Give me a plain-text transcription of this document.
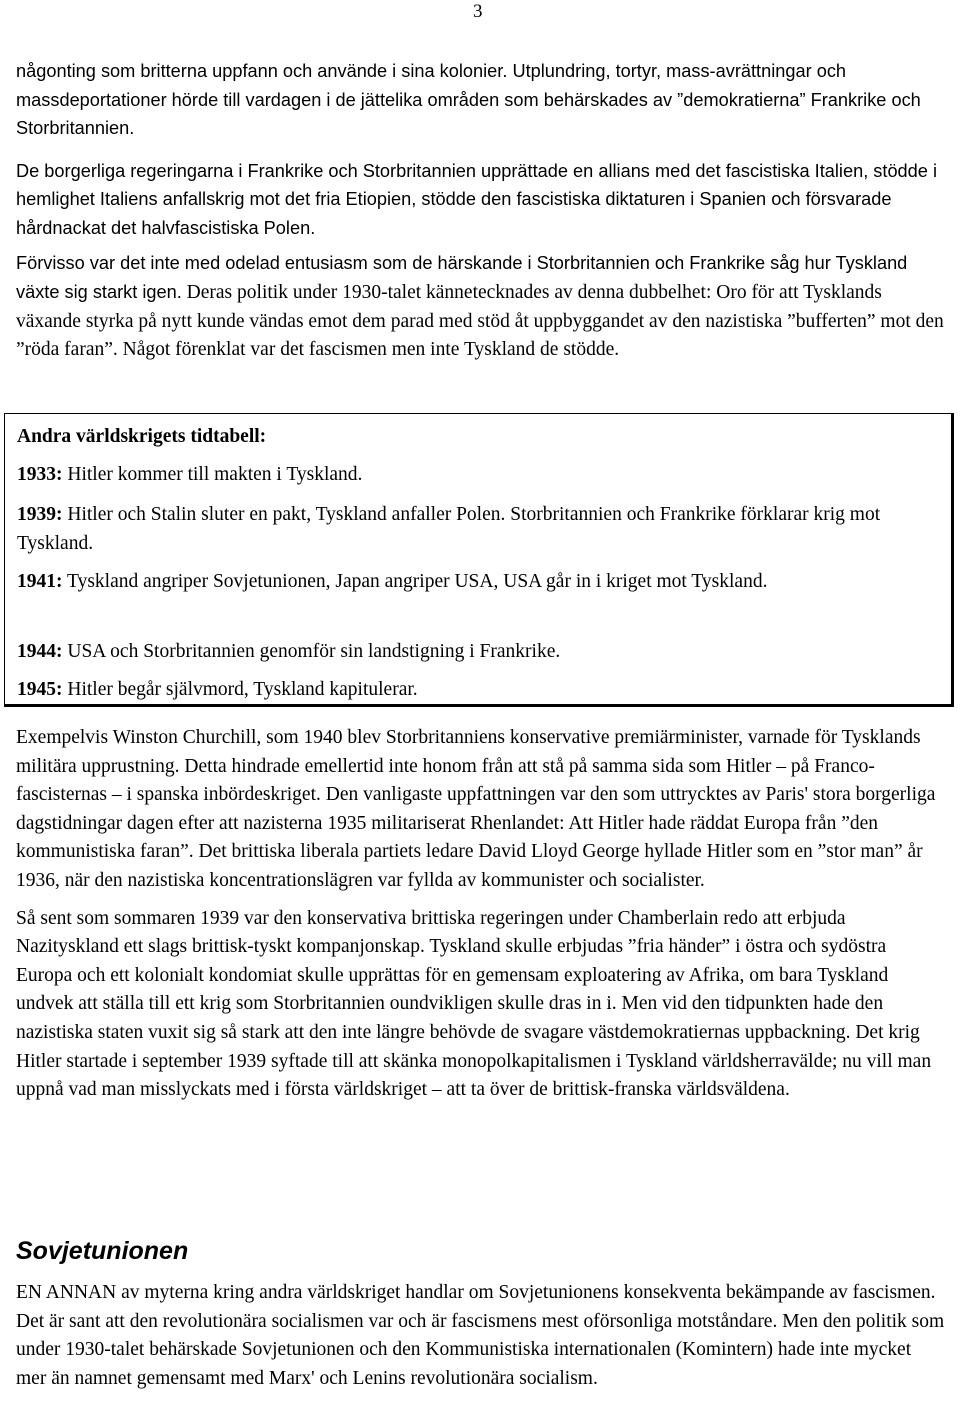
3

någonting som britterna uppfann och använde i sina kolonier. Utplundring, tortyr, mass-avrättningar och massdeportationer hörde till vardagen i de jättelika områden som behärskades av ”demokratierna” Frankrike och Storbritannien.

De borgerliga regeringarna i Frankrike och Storbritannien upprättade en allians med det fascistiska Italien, stödde i hemlighet Italiens anfallskrig mot det fria Etiopien, stödde den fascistiska diktaturen i Spanien och försvarade hårdnackat det halvfascistiska Polen.

Förvisso var det inte med odelad entusiasm som de härskande i Storbritannien och Frankrike såg hur Tyskland växte sig starkt igen. Deras politik under 1930-talet kännetecknades av denna dubbelhet: Oro för att Tysklands växande styrka på nytt kunde vändas emot dem parad med stöd åt uppbyggandet av den nazistiska ”bufferten” mot den ”röda faran”. Något förenklat var det fascismen men inte Tyskland de stödde.

Andra världskrigets tidtabell:
1933: Hitler kommer till makten i Tyskland.
1939: Hitler och Stalin sluter en pakt, Tyskland anfaller Polen. Storbritannien och Frankrike förklarar krig mot Tyskland.
1941: Tyskland angriper Sovjetunionen, Japan angriper USA, USA går in i kriget mot Tyskland.
1944: USA och Storbritannien genomför sin landstigning i Frankrike.
1945: Hitler begår självmord, Tyskland kapitulerar.

Exempelvis Winston Churchill, som 1940 blev Storbritanniens konservative premiärminister, varnade för Tysklands militära upprustning. Detta hindrade emellertid inte honom från att stå på samma sida som Hitler – på Franco-fascisternas – i spanska inbördeskriget. Den vanligaste uppfattningen var den som uttrycktes av Paris' stora borgerliga dagstidningar dagen efter att nazisterna 1935 militariserat Rhenlandet: Att Hitler hade räddat Europa från ”den kommunistiska faran”. Det brittiska liberala partiets ledare David Lloyd George hyllade Hitler som en ”stor man” år 1936, när den nazistiska koncentrationslägren var fyllda av kommunister och socialister.

Så sent som sommaren 1939 var den konservativa brittiska regeringen under Chamberlain redo att erbjuda Nazityskland ett slags brittisk-tyskt kompanjonskap. Tyskland skulle erbjudas ”fria händer” i östra och sydöstra Europa och ett kolonialt kondomiat skulle upprättas för en gemensam exploatering av Afrika, om bara Tyskland undvek att ställa till ett krig som Storbritannien oundvikligen skulle dras in i. Men vid den tidpunkten hade den nazistiska staten vuxit sig så stark att den inte längre behövde de svagare västdemokratiernas uppbackning. Det krig Hitler startade i september 1939 syftade till att skänka monopolkapitalismen i Tyskland världsherravälde; nu vill man uppnå vad man misslyckats med i första världskriget – att ta över de brittisk-franska världsväldena.

Sovjetunionen

EN ANNAN av myterna kring andra världskriget handlar om Sovjetunionens konsekventa bekämpande av fascismen. Det är sant att den revolutionära socialismen var och är fascismens mest oförsonliga motståndare. Men den politik som under 1930-talet behärskade Sovjetunionen och den Kommunistiska internationalen (Komintern) hade inte mycket mer än namnet gemensamt med Marx' och Lenins revolutionära socialism.
